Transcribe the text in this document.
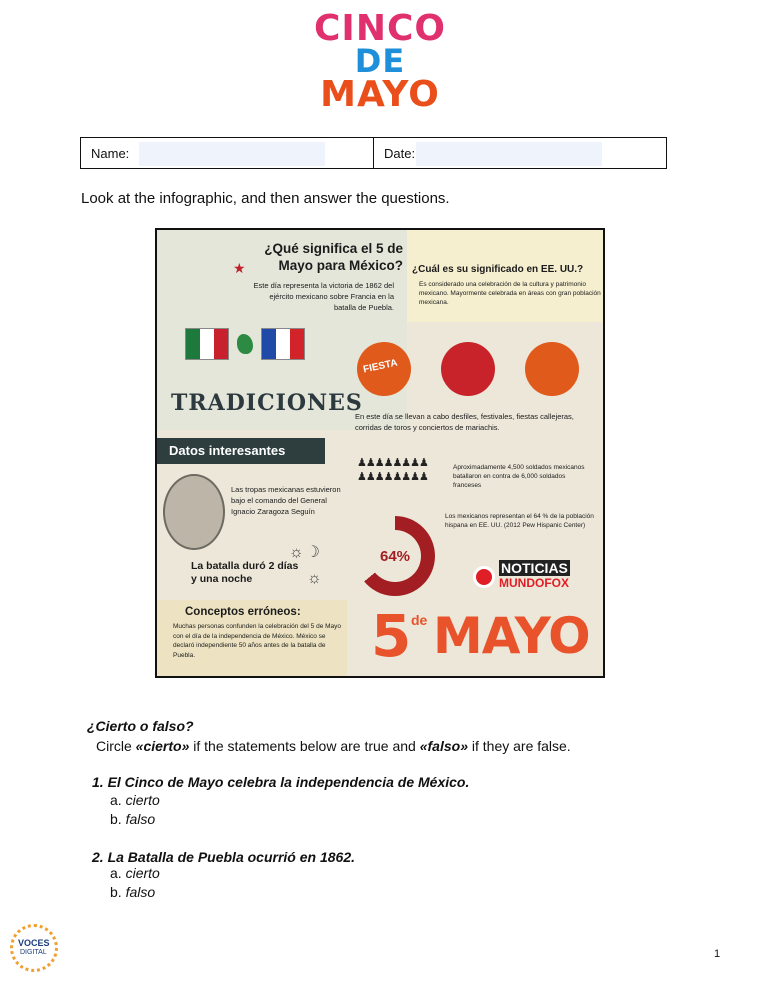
CINCO
DE
MAYO
Name:	Date:
Look at the infographic, and then answer the questions.
¿Qué significa el 5 de Mayo para México?
★
Este día representa la victoria de 1862 del ejército mexicano sobre Francia en la batalla de Puebla.
¿Cuál es su significado en EE. UU.?
Es considerado una celebración de la cultura y patrimonio mexicano. Mayormente celebrada en áreas con gran población mexicana.
FIESTA
TRADICIONES
En este día se llevan a cabo desfiles, festivales, fiestas callejeras, corridas de toros y conciertos de mariachis.
Datos interesantes
♟♟♟♟♟♟♟♟
♟♟♟♟♟♟♟♟
Aproximadamente 4,500 soldados mexicanos batallaron en contra de 6,000 soldados franceses
Las tropas mexicanas estuvieron bajo el comando del General Ignacio Zaragoza Seguín
Los mexicanos representan el 64 % de la población hispana en EE. UU. (2012 Pew Hispanic Center)
64%
☼☽
☼
La batalla duró 2 días y una noche
NOTICIAS
MUNDOFOX
Conceptos erróneos:
Muchas personas confunden la celebración del 5 de Mayo con el día de la independencia de México. México se declaró independiente 50 años antes de la batalla de Puebla.	5 de MAYO
¿Cierto o falso?
Circle «cierto» if the statements below are true and «falso» if they are false.
1. El Cinco de Mayo celebra la independencia de México.
a. cierto
b. falso
2. La Batalla de Puebla ocurrió en 1862.
a. cierto
b. falso
VOCES
DIGITAL	1
